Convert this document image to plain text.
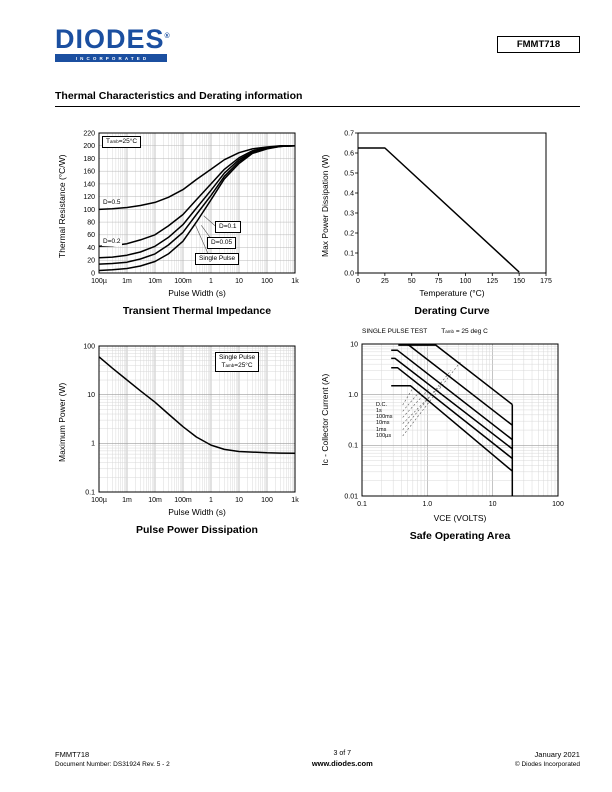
DIODES®
INCORPORATED
FMMT718
Thermal Characteristics and Derating information
Thermal Resistance (°C/W)
100µ 1m 10m 100m 1	10	100	1k
0
20
40
60
80
100
120
140
160
180
200
220
Tamb=25°C
D=0.5
D=0.2
D=0.1
D=0.05
Single Pulse
Pulse Width (s)
Transient Thermal Impedance
Max Power Dissipation (W)
0	25	50	75 100 125 150 175
0.0
0.1
0.2
0.3
0.4
0.5
0.6
0.7
Temperature (°C)
Derating Curve
Maximum Power (W)
100µ 1m 10m 100m 1	10	100	1k
100
10
1
0.1
Single Pulse
Tamb=25°C
Pulse Width (s)
Pulse Power Dissipation
Ic - Collector Current (A)
SINGLE PULSE TEST Tamb = 25 deg C
0.1	1.0	10	100
10
1.0
0.1
0.01
D.C.
1s
100ms
10ms
1ms
100µs
VCE (VOLTS)
Safe Operating Area
FMMT718
Document Number: DS31924 Rev. 5 - 2
3 of 7
www.diodes.com
January 2021
© Diodes Incorporated
